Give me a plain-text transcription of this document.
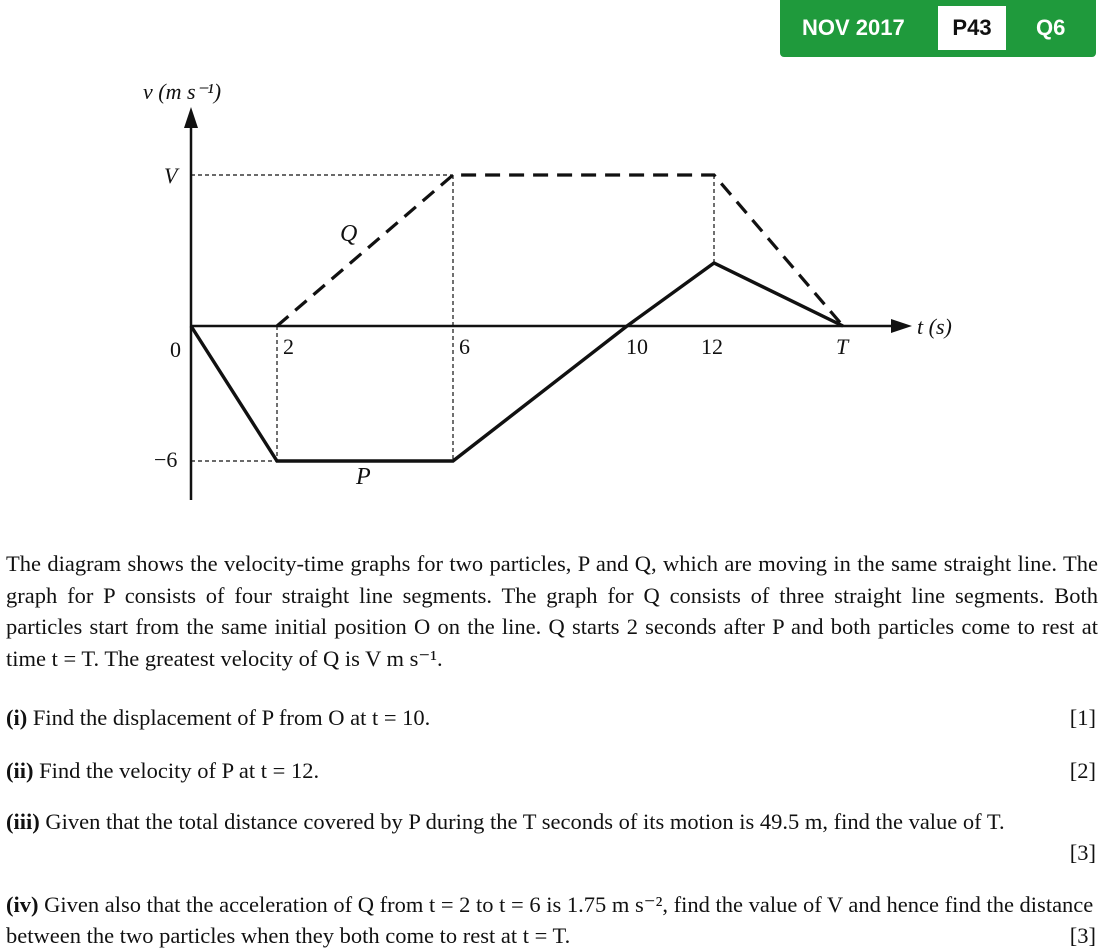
NOV 2017	P43	Q6
v (m s⁻¹)
t (s)
V
0
−6
2	6	10 12	T
Q
P
The diagram shows the velocity-time graphs for two particles, P and Q, which are moving in the same straight line. The graph for P consists of four straight line segments. The graph for Q consists of three straight line segments. Both particles start from the same initial position O on the line. Q starts 2 seconds after P and both particles come to rest at time t = T. The greatest velocity of Q is V m s⁻¹.
(i) Find the displacement of P from O at t = 10.	[1]
(ii) Find the velocity of P at t = 12.	[2]
(iii) Given that the total distance covered by P during the T seconds of its motion is 49.5 m, find the value of T.
[3]
(iv) Given also that the acceleration of Q from t = 2 to t = 6 is 1.75 m s⁻², find the value of V and hence find the distance between the two particles when they both come to rest at t = T.	[3]
